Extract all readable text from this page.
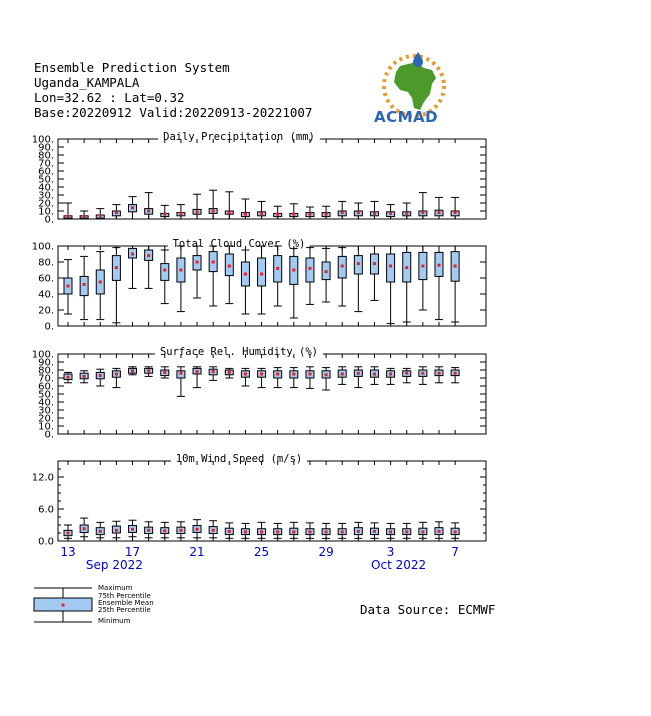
Ensemble Prediction System
Uganda_KAMPALA
Lon=32.62 : Lat=0.32
Base:20220912 Valid:20220913-20221007	ACMAD
Daily Precipitation (mm)
0.
10.
20.
30.
40.
50.
60.
70.
80.
90.
100.
Total Cloud Cover (%)
0.
20.
40.
60.
80.
100.
Surface Rel. Humidity (%)
0.
10.
20.
30.
40.
50.
60.
70.
80.
90.
100.
10m Wind Speed (m/s)
0.0
6.0
12.0
13	17	21	25	29	3	7
Sep 2022	Oct 2022
Maximum
75th Percentile
Ensemble Mean
25th Percentile
Minimum
Data Source: ECMWF
